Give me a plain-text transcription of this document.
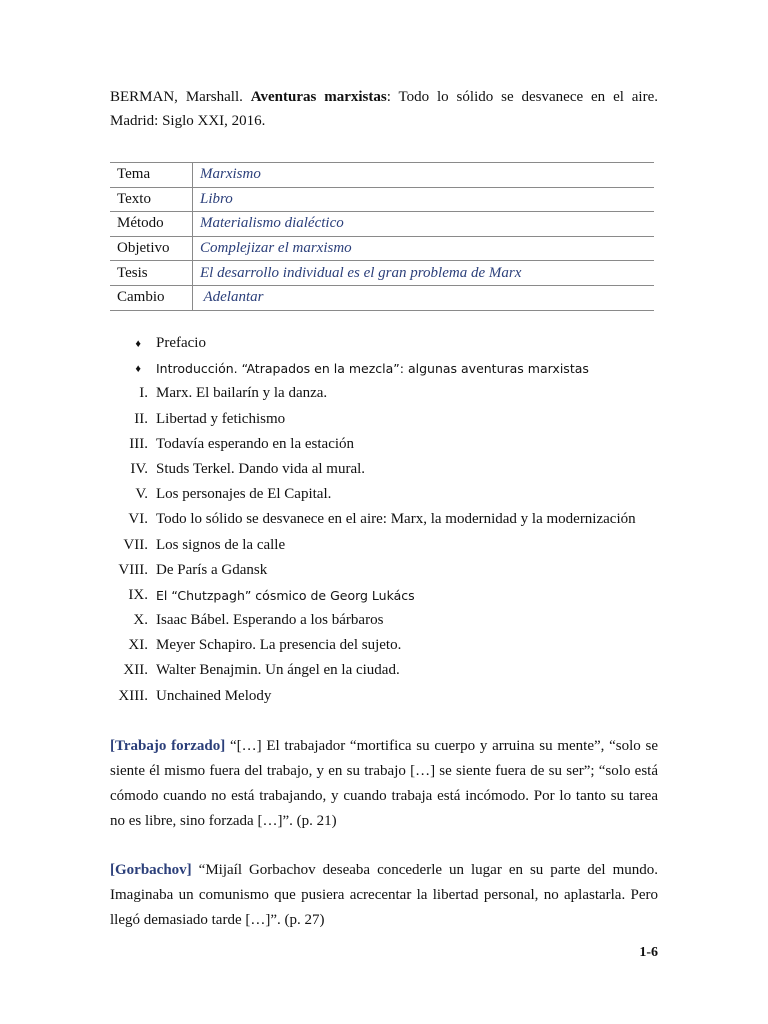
BERMAN, Marshall. Aventuras marxistas: Todo lo sólido se desvanece en el aire. Madrid: Siglo XXI, 2016.

Tema	Marxismo
Texto	Libro
Método	Materialismo dialéctico
Objetivo	Complejizar el marxismo
Tesis	El desarrollo individual es el gran problema de Marx
Cambio	Adelantar
♦ Prefacio
♦ Introducción. “Atrapados en la mezcla”: algunas aventuras marxistas
I. Marx. El bailarín y la danza.
II. Libertad y fetichismo
III. Todavía esperando en la estación
IV. Studs Terkel. Dando vida al mural.
V. Los personajes de El Capital.
VI. Todo lo sólido se desvanece en el aire: Marx, la modernidad y la modernización
VII. Los signos de la calle
VIII. De París a Gdansk
IX. El “Chutzpagh” cósmico de Georg Lukács
X. Isaac Bábel. Esperando a los bárbaros
XI. Meyer Schapiro. La presencia del sujeto.
XII. Walter Benajmin. Un ángel en la ciudad.
XIII. Unchained Melody

[Trabajo forzado] “[…] El trabajador “mortifica su cuerpo y arruina su mente”, “solo se siente él mismo fuera del trabajo, y en su trabajo […] se siente fuera de su ser”; “solo está cómodo cuando no está trabajando, y cuando trabaja está incómodo. Por lo tanto su tarea no es libre, sino forzada […]”. (p. 21)

[Gorbachov] “Mijaíl Gorbachov deseaba concederle un lugar en su parte del mundo. Imaginaba un comunismo que pusiera acrecentar la libertad personal, no aplastarla. Pero llegó demasiado tarde […]”. (p. 27)

1-6
